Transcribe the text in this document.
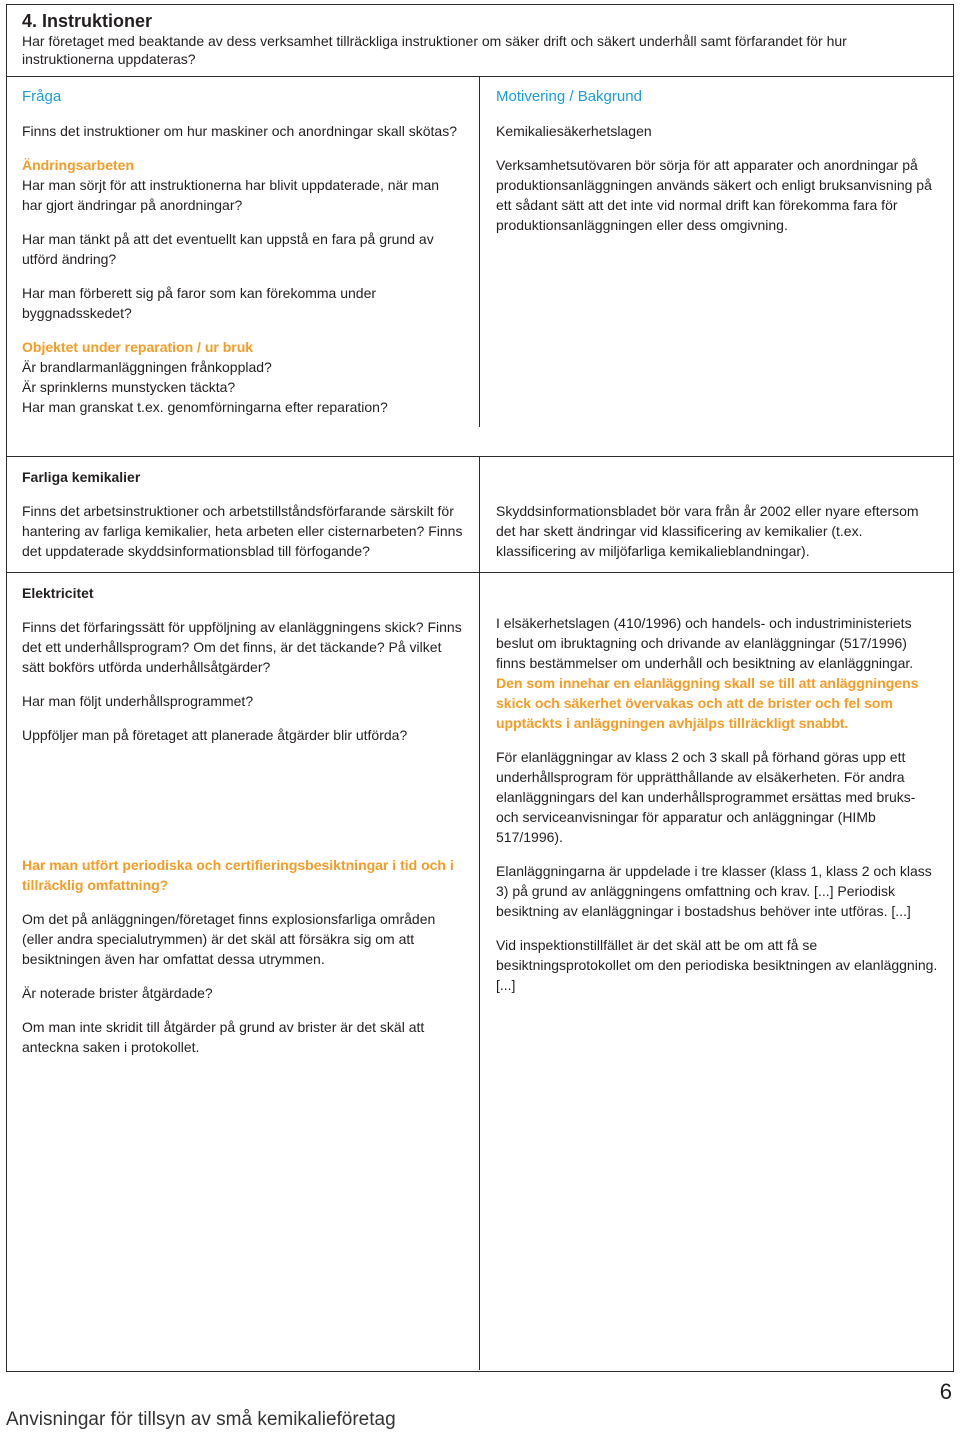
4. Instruktioner
Har företaget med beaktande av dess verksamhet tillräckliga instruktioner om säker drift och säkert underhåll samt förfarandet för hur instruktionerna uppdateras?

Fråga

Finns det instruktioner om hur maskiner och anordningar skall skötas?

Ändringsarbeten

Har man sörjt för att instruktionerna har blivit uppdaterade, när man har gjort ändringar på anordningar?

Har man tänkt på att det eventuellt kan uppstå en fara på grund av utförd ändring?

Har man förberett sig på faror som kan förekomma under byggnadsskedet?

Objektet under reparation / ur bruk
Är brandlarmanläggningen frånkopplad?
Är sprinklerns munstycken täckta?
Har man granskat t.ex. genomförningarna efter reparation?

Motivering / Bakgrund

Kemikaliesäkerhetslagen

Verksamhetsutövaren bör sörja för att apparater och anordningar på produktionsanläggningen används säkert och enligt bruksanvisning på ett sådant sätt att det inte vid normal drift kan förekomma fara för produktionsanläggningen eller dess omgivning.

Farliga kemikalier

Finns det arbetsinstruktioner och arbetstillståndsförfarande särskilt för hantering av farliga kemikalier, heta arbeten eller cisternarbeten? Finns det uppdaterade skyddsinformationsblad till förfogande?

Skyddsinformationsbladet bör vara från år 2002 eller nyare eftersom det har skett ändringar vid klassificering av kemikalier (t.ex. klassificering av miljöfarliga kemikalieblandningar).

Elektricitet

Finns det förfaringssätt för uppföljning av elanläggningens skick? Finns det ett underhållsprogram? Om det finns, är det täckande? På vilket sätt bokförs utförda underhållsåtgärder?

Har man följt underhållsprogrammet?

Uppföljer man på företaget att planerade åtgärder blir utförda?

Har man utfört periodiska och certifieringsbesiktningar i tid och i tillräcklig omfattning?

Om det på anläggningen/företaget finns explosionsfarliga områden (eller andra specialutrymmen) är det skäl att försäkra sig om att besiktningen även har omfattat dessa utrymmen.

Är noterade brister åtgärdade?

Om man inte skridit till åtgärder på grund av brister är det skäl att anteckna saken i protokollet.

I elsäkerhetslagen (410/1996) och handels- och industriministeriets beslut om ibruktagning och drivande av elanläggningar (517/1996) finns bestämmelser om underhåll och besiktning av elanläggningar.

Den som innehar en elanläggning skall se till att anläggningens skick och säkerhet övervakas och att de brister och fel som upptäckts i anläggningen avhjälps tillräckligt snabbt.

För elanläggningar av klass 2 och 3 skall på förhand göras upp ett underhållsprogram för upprätthållande av elsäkerheten. För andra elanläggningars del kan underhållsprogrammet ersättas med bruks- och serviceanvisningar för apparatur och anläggningar (HIMb 517/1996).

Elanläggningarna är uppdelade i tre klasser (klass 1, klass 2 och klass 3) på grund av anläggningens omfattning och krav. [...] Periodisk besiktning av elanläggningar i bostadshus behöver inte utföras. [...]

Vid inspektionstillfället är det skäl att be om att få se besiktningsprotokollet om den periodiska besiktningen av elanläggning. [...]

Anvisningar för tillsyn av små kemikalieföretag
6
